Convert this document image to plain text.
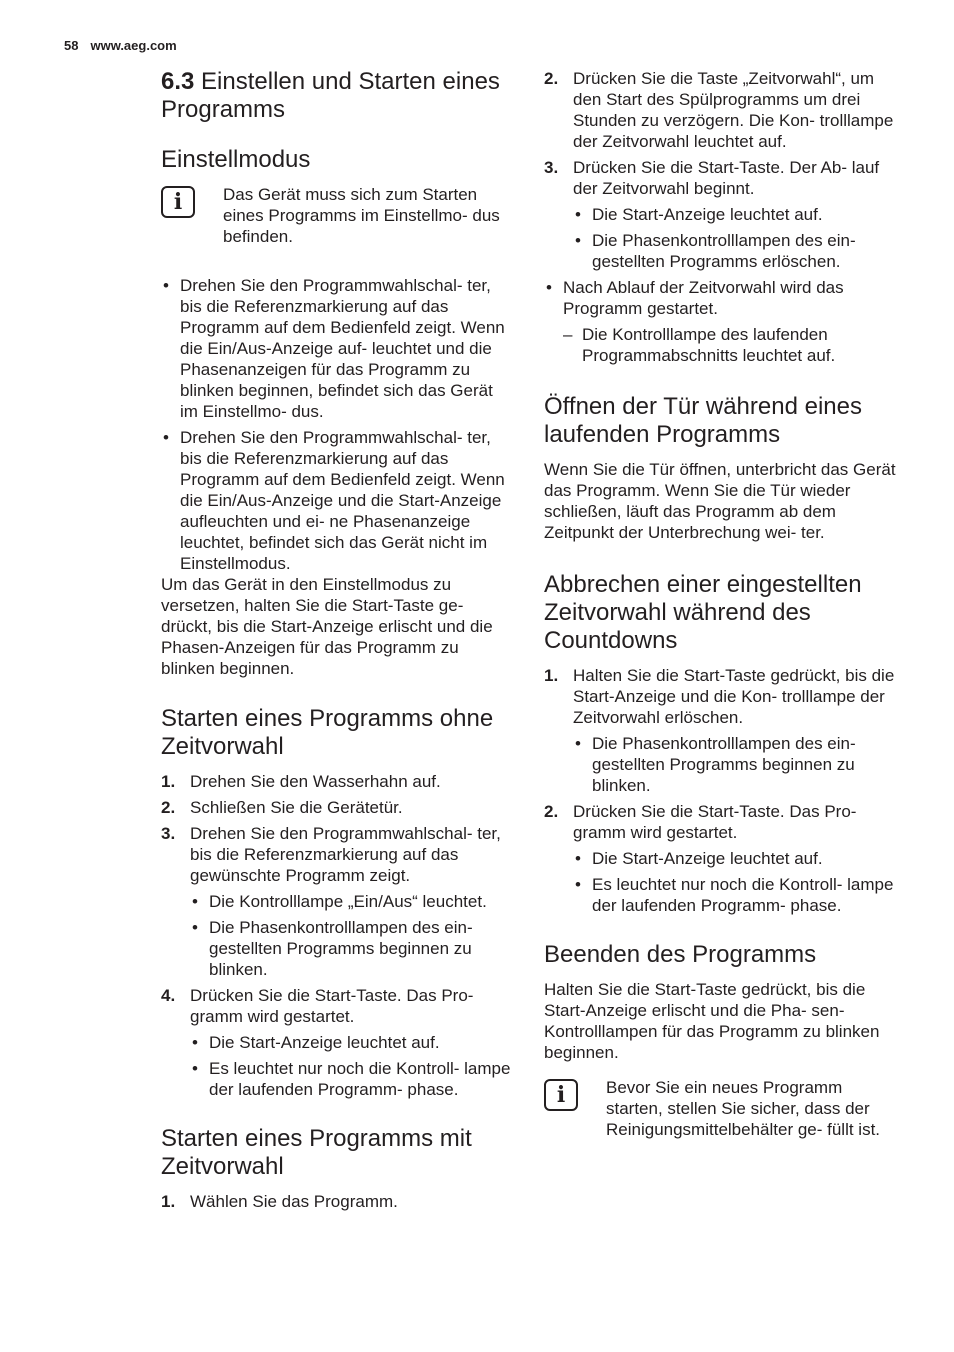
58 www.aeg.com
6.3 Einstellen und Starten eines Programms
Einstellmodus
i	Das Gerät muss sich zum Starten eines Programms im Einstellmo- dus befinden.

• Drehen Sie den Programmwahlschal- ter, bis die Referenzmarkierung auf das Programm auf dem Bedienfeld zeigt. Wenn die Ein/Aus-Anzeige auf- leuchtet und die Phasenanzeigen für das Programm zu blinken beginnen, befindet sich das Gerät im Einstellmo- dus.
• Drehen Sie den Programmwahlschal- ter, bis die Referenzmarkierung auf das Programm auf dem Bedienfeld zeigt. Wenn die Ein/Aus-Anzeige und die Start-Anzeige aufleuchten und ei- ne Phasenanzeige leuchtet, befindet sich das Gerät nicht im Einstellmodus.

Um das Gerät in den Einstellmodus zu versetzen, halten Sie die Start-Taste ge- drückt, bis die Start-Anzeige erlischt und die Phasen-Anzeigen für das Programm zu blinken beginnen.

Starten eines Programms ohne Zeitvorwahl
1. Drehen Sie den Wasserhahn auf.
2. Schließen Sie die Gerätetür.
3. Drehen Sie den Programmwahlschal- ter, bis die Referenzmarkierung auf das gewünschte Programm zeigt.
• Die Kontrolllampe „Ein/Aus“ leuchtet.
• Die Phasenkontrolllampen des ein- gestellten Programms beginnen zu blinken.
4. Drücken Sie die Start-Taste. Das Pro- gramm wird gestartet.
• Die Start-Anzeige leuchtet auf.
• Es leuchtet nur noch die Kontroll- lampe der laufenden Programm- phase.
Starten eines Programms mit Zeitvorwahl
1. Wählen Sie das Programm.
2. Drücken Sie die Taste „Zeitvorwahl“, um den Start des Spülprogramms um drei Stunden zu verzögern. Die Kon- trolllampe der Zeitvorwahl leuchtet auf.
3. Drücken Sie die Start-Taste. Der Ab- lauf der Zeitvorwahl beginnt.
• Die Start-Anzeige leuchtet auf.
• Die Phasenkontrolllampen des ein- gestellten Programms erlöschen.
• Nach Ablauf der Zeitvorwahl wird das Programm gestartet.
– Die Kontrolllampe des laufenden Programmabschnitts leuchtet auf.
Öffnen der Tür während eines laufenden Programms

Wenn Sie die Tür öffnen, unterbricht das Gerät das Programm. Wenn Sie die Tür wieder schließen, läuft das Programm ab dem Zeitpunkt der Unterbrechung wei- ter.

Abbrechen einer eingestellten Zeitvorwahl während des Countdowns
1. Halten Sie die Start-Taste gedrückt, bis die Start-Anzeige und die Kon- trolllampe der Zeitvorwahl erlöschen.
• Die Phasenkontrolllampen des ein- gestellten Programms beginnen zu blinken.
2. Drücken Sie die Start-Taste. Das Pro- gramm wird gestartet.
• Die Start-Anzeige leuchtet auf.
• Es leuchtet nur noch die Kontroll- lampe der laufenden Programm- phase.
Beenden des Programms

Halten Sie die Start-Taste gedrückt, bis die Start-Anzeige erlischt und die Pha- sen-Kontrolllampen für das Programm zu blinken beginnen.

i	Bevor Sie ein neues Programm starten, stellen Sie sicher, dass der Reinigungsmittelbehälter ge- füllt ist.
